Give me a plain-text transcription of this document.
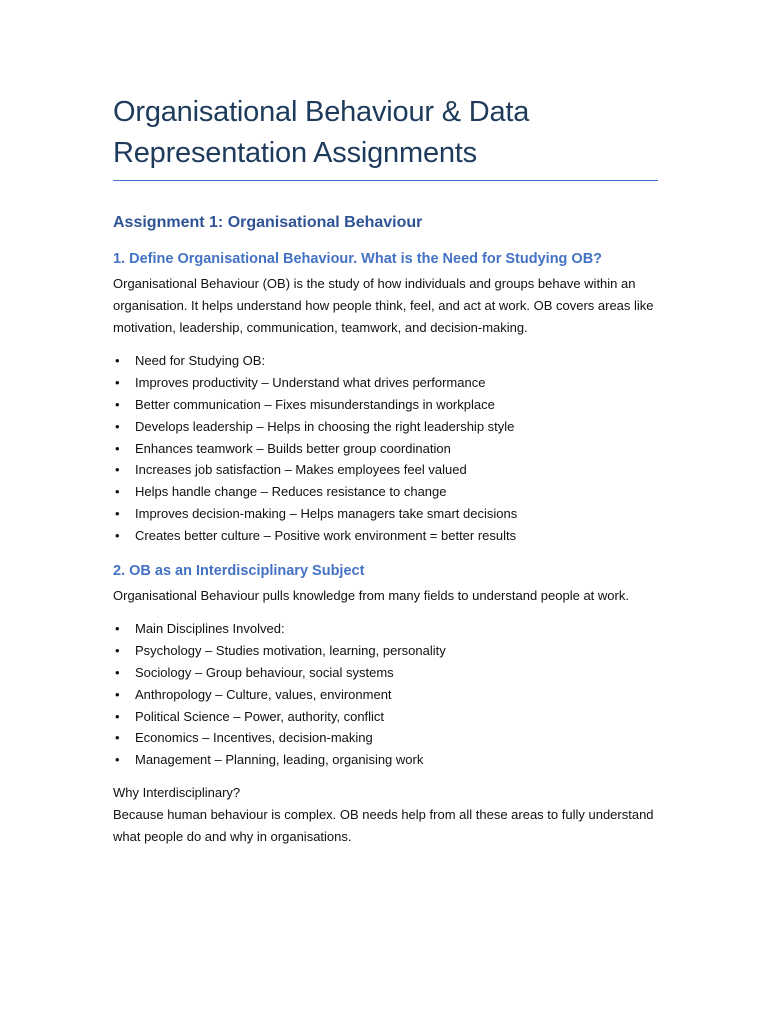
Organisational Behaviour & Data Representation Assignments
Assignment 1: Organisational Behaviour
1. Define Organisational Behaviour. What is the Need for Studying OB?

Organisational Behaviour (OB) is the study of how individuals and groups behave within an organisation. It helps understand how people think, feel, and act at work. OB covers areas like motivation, leadership, communication, teamwork, and decision-making.

• Need for Studying OB:
• Improves productivity – Understand what drives performance
• Better communication – Fixes misunderstandings in workplace
• Develops leadership – Helps in choosing the right leadership style
• Enhances teamwork – Builds better group coordination
• Increases job satisfaction – Makes employees feel valued
• Helps handle change – Reduces resistance to change
• Improves decision-making – Helps managers take smart decisions
• Creates better culture – Positive work environment = better results
2. OB as an Interdisciplinary Subject

Organisational Behaviour pulls knowledge from many fields to understand people at work.

• Main Disciplines Involved:
• Psychology – Studies motivation, learning, personality
• Sociology – Group behaviour, social systems
• Anthropology – Culture, values, environment
• Political Science – Power, authority, conflict
• Economics – Incentives, decision-making
• Management – Planning, leading, organising work

Why Interdisciplinary?

Because human behaviour is complex. OB needs help from all these areas to fully understand what people do and why in organisations.
